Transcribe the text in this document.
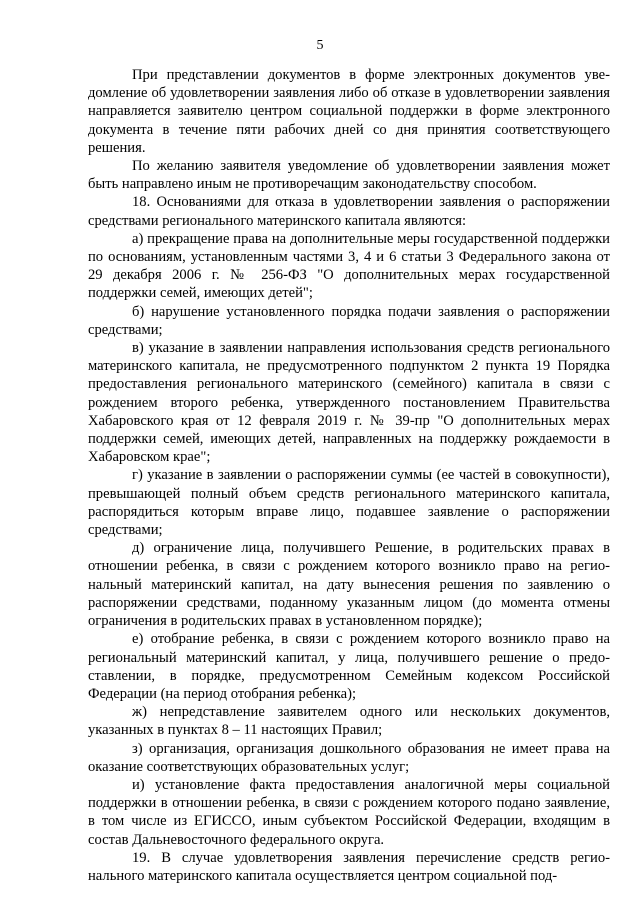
5

При представлении документов в форме электронных документов уведомление об удовлетворении заявления либо об отказе в удовлетворении заявления направляется заявителю центром социальной поддержки в форме электронного документа в течение пяти рабочих дней со дня принятия соответствующего решения.

По желанию заявителя уведомление об удовлетворении заявления может быть направлено иным не противоречащим законодательству способом.

18. Основаниями для отказа в удовлетворении заявления о распоряжении средствами регионального материнского капитала являются:

а) прекращение права на дополнительные меры государственной поддержки по основаниям, установленным частями 3, 4 и 6 статьи 3 Федерального закона от 29 декабря 2006 г. № 256-ФЗ "О дополнительных мерах государственной поддержки семей, имеющих детей";

б) нарушение установленного порядка подачи заявления о распоряжении средствами;

в) указание в заявлении направления использования средств регионального материнского капитала, не предусмотренного подпунктом 2 пункта 19 Порядка предоставления регионального материнского (семейного) капитала в связи с рождением второго ребенка, утвержденного постановлением Правительства Хабаровского края от 12 февраля 2019 г. № 39-пр "О дополнительных мерах поддержки семей, имеющих детей, направленных на поддержку рождаемости в Хабаровском крае";

г) указание в заявлении о распоряжении суммы (ее частей в совокупности), превышающей полный объем средств регионального материнского капитала, распорядиться которым вправе лицо, подавшее заявление о распоряжении средствами;

д) ограничение лица, получившего Решение, в родительских правах в отношении ребенка, в связи с рождением которого возникло право на региональный материнский капитал, на дату вынесения решения по заявлению о распоряжении средствами, поданному указанным лицом (до момента отмены ограничения в родительских правах в установленном порядке);

е) отобрание ребенка, в связи с рождением которого возникло право на региональный материнский капитал, у лица, получившего решение о предоставлении, в порядке, предусмотренном Семейным кодексом Российской Федерации (на период отобрания ребенка);

ж) непредставление заявителем одного или нескольких документов, указанных в пунктах 8 – 11 настоящих Правил;

з) организация, организация дошкольного образования не имеет права на оказание соответствующих образовательных услуг;

и) установление факта предоставления аналогичной меры социальной поддержки в отношении ребенка, в связи с рождением которого подано заявление, в том числе из ЕГИССО, иным субъектом Российской Федерации, входящим в состав Дальневосточного федерального округа.

19. В случае удовлетворения заявления перечисление средств регионального материнского капитала осуществляется центром социальной под-
